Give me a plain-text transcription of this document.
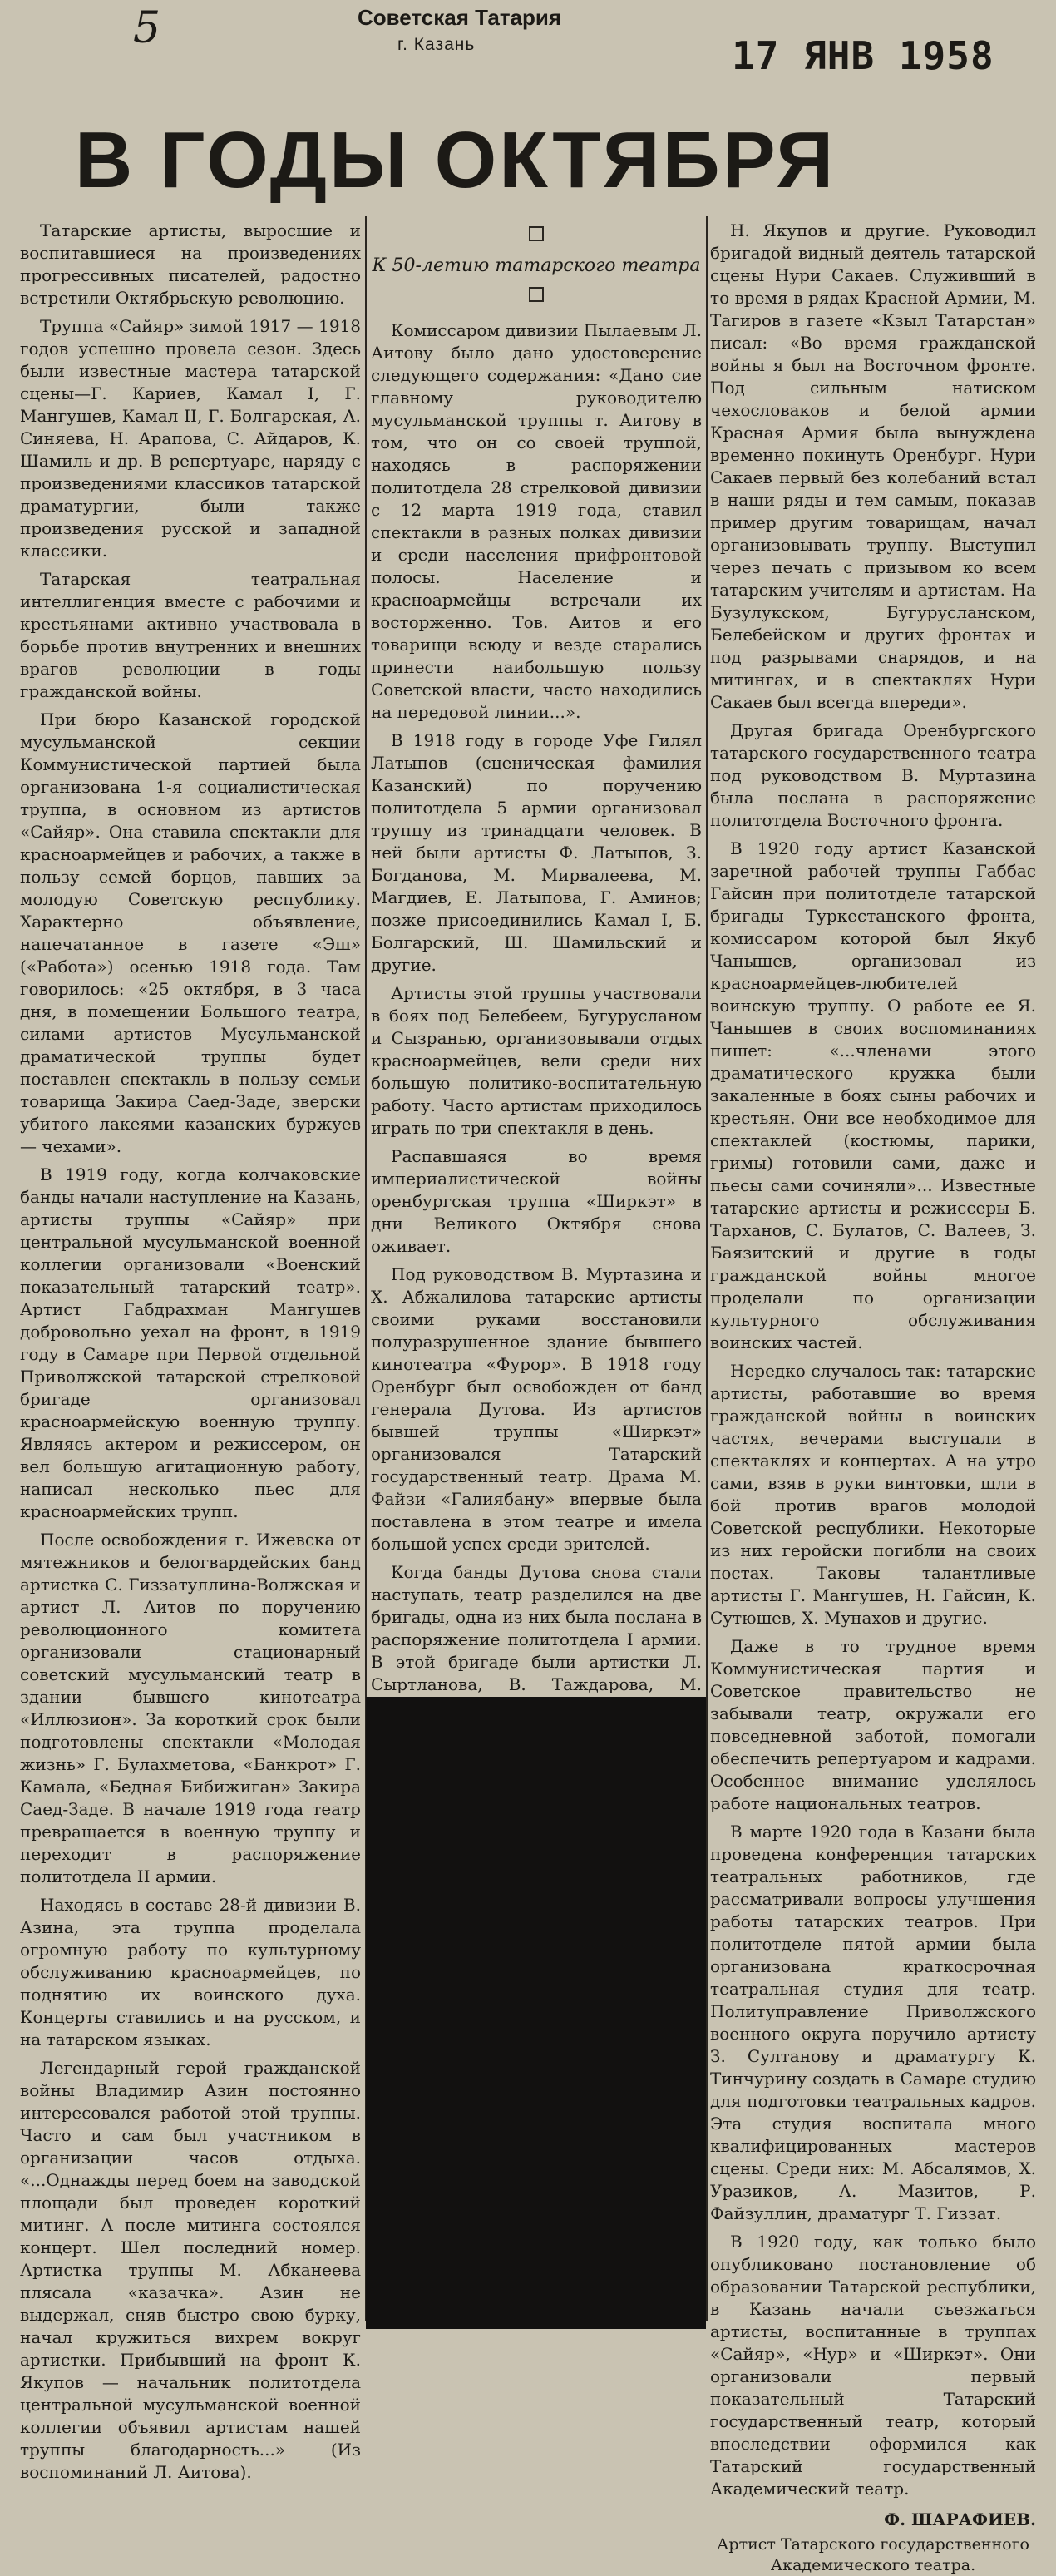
5	Советская Татария
г. Казань	17 ЯНВ 1958
В ГОДЫ ОКТЯБРЯ

Татарские артисты, выросшие и воспитавшиеся на произведениях прогрессивных писателей, радостно встретили Октябрьскую революцию.

Труппа «Сайяр» зимой 1917 — 1918 годов успешно провела сезон. Здесь были известные мастера татарской сцены—Г. Кариев, Камал I, Г. Мангушев, Камал II, Г. Болгарская, А. Синяева, Н. Арапова, С. Айдаров, К. Шамиль и др. В репертуаре, наряду с произведениями классиков татарской драматургии, были также произведения русской и западной классики.

Татарская театральная интеллигенция вместе с рабочими и крестьянами активно участвовала в борьбе против внутренних и внешних врагов революции в годы гражданской войны.

При бюро Казанской городской мусульманской секции Коммунистической партией была организована 1-я социалистическая труппа, в основном из артистов «Сайяр». Она ставила спектакли для красноармейцев и рабочих, а также в пользу семей борцов, павших за молодую Советскую республику. Характерно объявление, напечатанное в газете «Эш» («Работа») осенью 1918 года. Там говорилось: «25 октября, в 3 часа дня, в помещении Большого театра, силами артистов Мусульманской драматической труппы будет поставлен спектакль в пользу семьи товарища Закира Саед-Заде, зверски убитого лакеями казанских буржуев — чехами».

В 1919 году, когда колчаковские банды начали наступление на Казань, артисты труппы «Сайяр» при центральной мусульманской военной коллегии организовали «Военский показательный татарский театр». Артист Габдрахман Мангушев добровольно уехал на фронт, в 1919 году в Самаре при Первой отдельной Приволжской татарской стрелковой бригаде организовал красноармейскую военную труппу. Являясь актером и режиссером, он вел большую агитационную работу, написал несколько пьес для красноармейских трупп.

После освобождения г. Ижевска от мятежников и белогвардейских банд артистка С. Гиззатуллина-Волжская и артист Л. Аитов по поручению революционного комитета организовали стационарный советский мусульманский театр в здании бывшего кинотеатра «Иллюзион». За короткий срок были подготовлены спектакли «Молодая жизнь» Г. Булахметова, «Банкрот» Г. Камала, «Бедная Бибижиган» Закира Саед-Заде. В начале 1919 года театр превращается в военную труппу и переходит в распоряжение политотдела II армии.

Находясь в составе 28-й дивизии В. Азина, эта труппа проделала огромную работу по культурному обслуживанию красноармейцев, по поднятию их воинского духа. Концерты ставились и на русском, и на татарском языках.

Легендарный герой гражданской войны Владимир Азин постоянно интересовался работой этой труппы. Часто и сам был участником в организации часов отдыха. «...Однажды перед боем на заводской площади был проведен короткий митинг. А после митинга состоялся концерт. Шел последний номер. Артистка труппы М. Абканеева плясала «казачка». Азин не выдержал, сняв быстро свою бурку, начал кружиться вихрем вокруг артистки. Прибывший на фронт К. Якупов — начальник политотдела центральной мусульманской военной коллегии объявил артистам нашей труппы благодарность...» (Из воспоминаний Л. Аитова).

К 50-летию татарского театра

Комиссаром дивизии Пылаевым Л. Аитову было дано удостоверение следующего содержания: «Дано сие главному руководителю мусульманской труппы т. Аитову в том, что он со своей труппой, находясь в распоряжении политотдела 28 стрелковой дивизии с 12 марта 1919 года, ставил спектакли в разных полках дивизии и среди населения прифронтовой полосы. Население и красноармейцы встречали их восторженно. Тов. Аитов и его товарищи всюду и везде старались принести наибольшую пользу Советской власти, часто находились на передовой линии...».

В 1918 году в городе Уфе Гилял Латыпов (сценическая фамилия Казанский) по поручению политотдела 5 армии организовал труппу из тринадцати человек. В ней были артисты Ф. Латыпов, З. Богданова, М. Мирвалеева, М. Магдиев, Е. Латыпова, Г. Аминов; позже присоединились Камал I, Б. Болгарский, Ш. Шамильский и другие.

Артисты этой труппы участвовали в боях под Белебеем, Бугурусланом и Сызранью, организовывали отдых красноармейцев, вели среди них большую политико-воспитательную работу. Часто артистам приходилось играть по три спектакля в день.

Распавшаяся во время империалистической войны оренбургская труппа «Ширкэт» в дни Великого Октября снова оживает.

Под руководством В. Муртазина и Х. Абжалилова татарские артисты своими руками восстановили полуразрушенное здание бывшего кинотеатра «Фурор». В 1918 году Оренбург был освобожден от банд генерала Дутова. Из артистов бывшей труппы «Ширкэт» организовался Татарский государственный театр. Драма М. Файзи «Галиябану» впервые была поставлена в этом театре и имела большой успех среди зрителей.

Когда банды Дутова снова стали наступать, театр разделился на две бригады, одна из них была послана в распоряжение политотдела I армии. В этой бригаде были артистки Л. Сыртланова, В. Таждарова, М.

Н. Якупов и другие. Руководил бригадой видный деятель татарской сцены Нури Сакаев. Служивший в то время в рядах Красной Армии, М. Тагиров в газете «Кзыл Татарстан» писал: «Во время гражданской войны я был на Восточном фронте. Под сильным натиском чехословаков и белой армии Красная Армия была вынуждена временно покинуть Оренбург. Нури Сакаев первый без колебаний встал в наши ряды и тем самым, показав пример другим товарищам, начал организовывать труппу. Выступил через печать с призывом ко всем татарским учителям и артистам. На Бузулукском, Бугурусланском, Белебейском и других фронтах и под разрывами снарядов, и на митингах, и в спектаклях Нури Сакаев был всегда впереди».

Другая бригада Оренбургского татарского государственного театра под руководством В. Муртазина была послана в распоряжение политотдела Восточного фронта.

В 1920 году артист Казанской заречной рабочей труппы Габбас Гайсин при политотделе татарской бригады Туркестанского фронта, комиссаром которой был Якуб Чанышев, организовал из красноармейцев-любителей воинскую труппу. О работе ее Я. Чанышев в своих воспоминаниях пишет: «...членами этого драматического кружка были закаленные в боях сыны рабочих и крестьян. Они все необходимое для спектаклей (костюмы, парики, гримы) готовили сами, даже и пьесы сами сочиняли»... Известные татарские артисты и режиссеры Б. Тарханов, С. Булатов, С. Валеев, З. Баязитский и другие в годы гражданской войны многое проделали по организации культурного обслуживания воинских частей.

Нередко случалось так: татарские артисты, работавшие во время гражданской войны в воинских частях, вечерами выступали в спектаклях и концертах. А на утро сами, взяв в руки винтовки, шли в бой против врагов молодой Советской республики. Некоторые из них геройски погибли на своих постах. Таковы талантливые артисты Г. Мангушев, Н. Гайсин, К. Сутюшев, Х. Мунахов и другие.

Даже в то трудное время Коммунистическая партия и Советское правительство не забывали театр, окружали его повседневной заботой, помогали обеспечить репертуаром и кадрами. Особенное внимание уделялось работе национальных театров.

В марте 1920 года в Казани была проведена конференция татарских театральных работников, где рассматривали вопросы улучшения работы татарских театров. При политотделе пятой армии была организована краткосрочная театральная студия для театр. Политуправление Приволжского военного округа поручило артисту З. Султанову и драматургу К. Тинчурину создать в Самаре студию для подготовки театральных кадров. Эта студия воспитала много квалифицированных мастеров сцены. Среди них: М. Абсалямов, Х. Уразиков, А. Мазитов, Р. Файзуллин, драматург Т. Гиззат.

В 1920 году, как только было опубликовано постановление об образовании Татарской республики, в Казань начали съезжаться артисты, воспитанные в труппах «Сайяр», «Нур» и «Ширкэт». Они организовали первый показательный Татарский государственный театр, который впоследствии оформился как Татарский государственный Академический театр.

Ф. ШАРАФИЕВ.
Артист Татарского государственного Академического театра.
